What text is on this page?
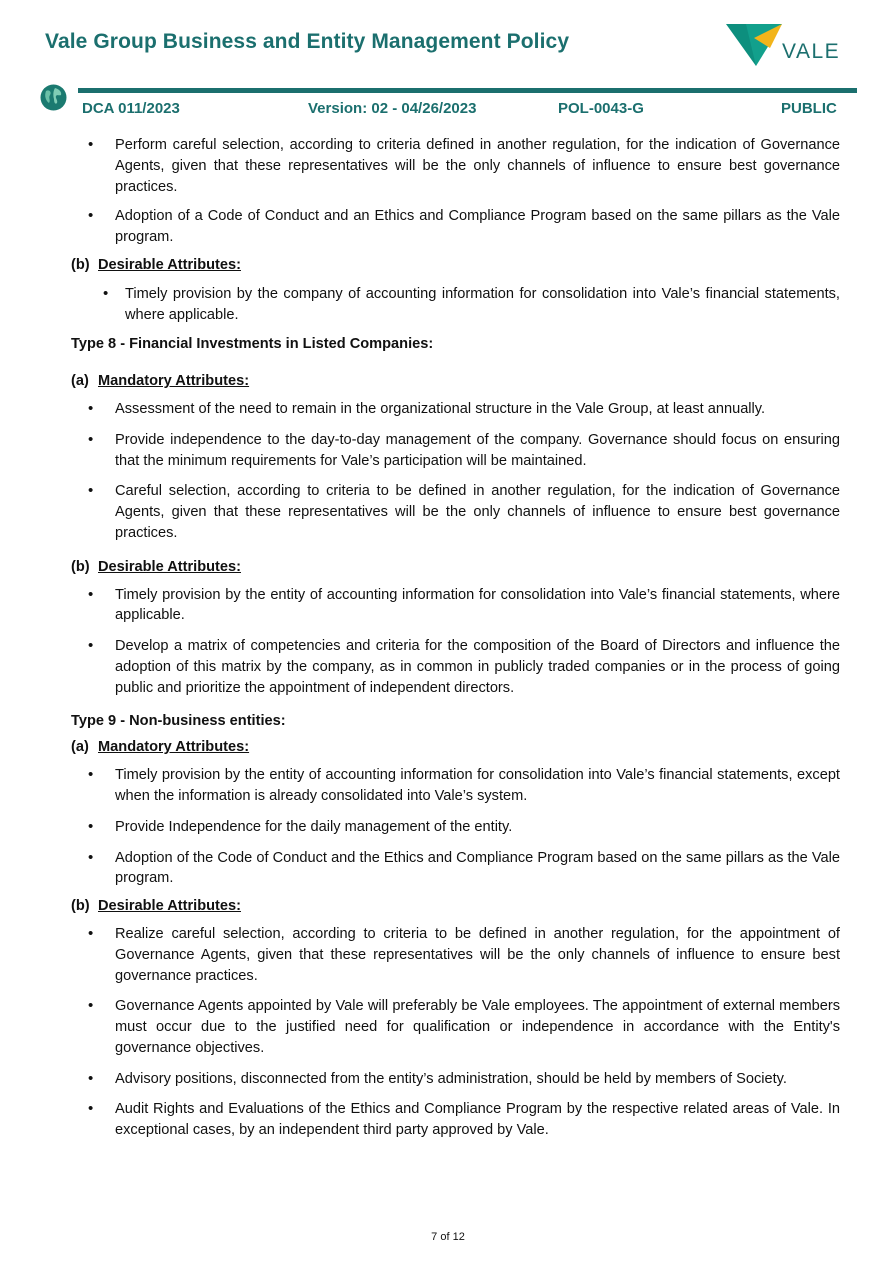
Vale Group Business and Entity Management Policy	VALE
DCA 011/2023	Version: 02 - 04/26/2023	POL-0043-G	PUBLIC
• Perform careful selection, according to criteria defined in another regulation, for the indication of Governance Agents, given that these representatives will be the only channels of influence to ensure best governance practices.
• Adoption of a Code of Conduct and an Ethics and Compliance Program based on the same pillars as the Vale program.
(b) Desirable Attributes:
• Timely provision by the company of accounting information for consolidation into Vale’s financial statements, where applicable.
Type 8 - Financial Investments in Listed Companies:
(a) Mandatory Attributes:
• Assessment of the need to remain in the organizational structure in the Vale Group, at least annually.
• Provide independence to the day-to-day management of the company. Governance should focus on ensuring that the minimum requirements for Vale’s participation will be maintained.
• Careful selection, according to criteria to be defined in another regulation, for the indication of Governance Agents, given that these representatives will be the only channels of influence to ensure best governance practices.
(b) Desirable Attributes:
• Timely provision by the entity of accounting information for consolidation into Vale’s financial statements, where applicable.
• Develop a matrix of competencies and criteria for the composition of the Board of Directors and influence the adoption of this matrix by the company, as in common in publicly traded companies or in the process of going public and prioritize the appointment of independent directors.
Type 9 - Non-business entities:
(a) Mandatory Attributes:
• Timely provision by the entity of accounting information for consolidation into Vale’s financial statements, except when the information is already consolidated into Vale’s system.
• Provide Independence for the daily management of the entity.
• Adoption of the Code of Conduct and the Ethics and Compliance Program based on the same pillars as the Vale program.
(b) Desirable Attributes:
• Realize careful selection, according to criteria to be defined in another regulation, for the appointment of Governance Agents, given that these representatives will be the only channels of influence to ensure best governance practices.
• Governance Agents appointed by Vale will preferably be Vale employees. The appointment of external members must occur due to the justified need for qualification or independence in accordance with the Entity's governance objectives.
• Advisory positions, disconnected from the entity’s administration, should be held by members of Society.
• Audit Rights and Evaluations of the Ethics and Compliance Program by the respective related areas of Vale. In exceptional cases, by an independent third party approved by Vale.
7 of 12
